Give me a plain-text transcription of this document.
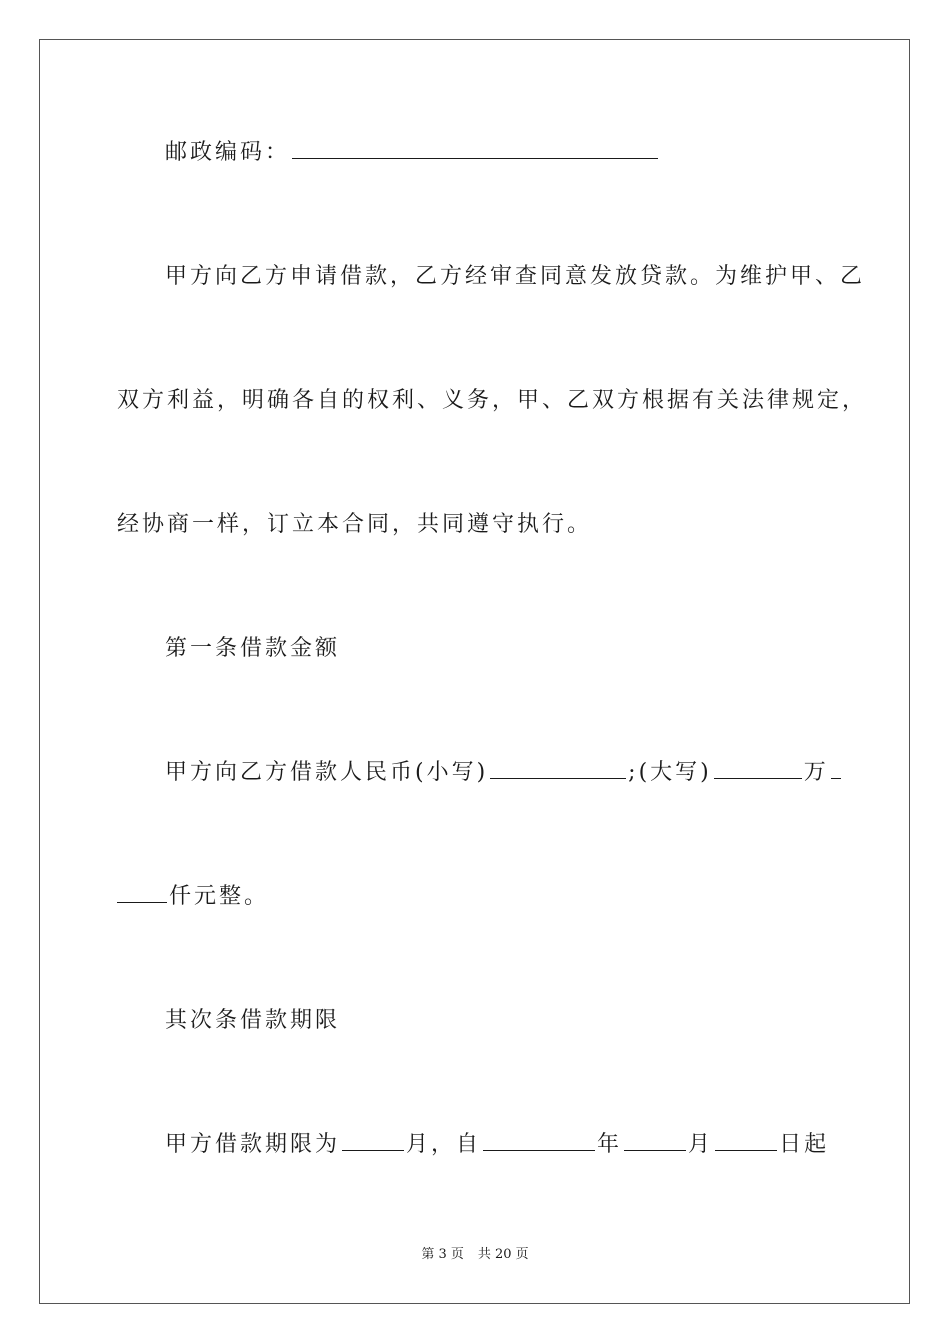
邮政编码：
甲方向乙方申请借款，乙方经审查同意发放贷款。为维护甲、乙
双方利益，明确各自的权利、义务，甲、乙双方根据有关法律规定，
经协商一样，订立本合同，共同遵守执行。
第一条借款金额
甲方向乙方借款人民币(小写)	;(大写)	万
仟元整。
其次条借款期限
甲方借款期限为	月，自	年	月	日起
第 3 页 共 20 页
